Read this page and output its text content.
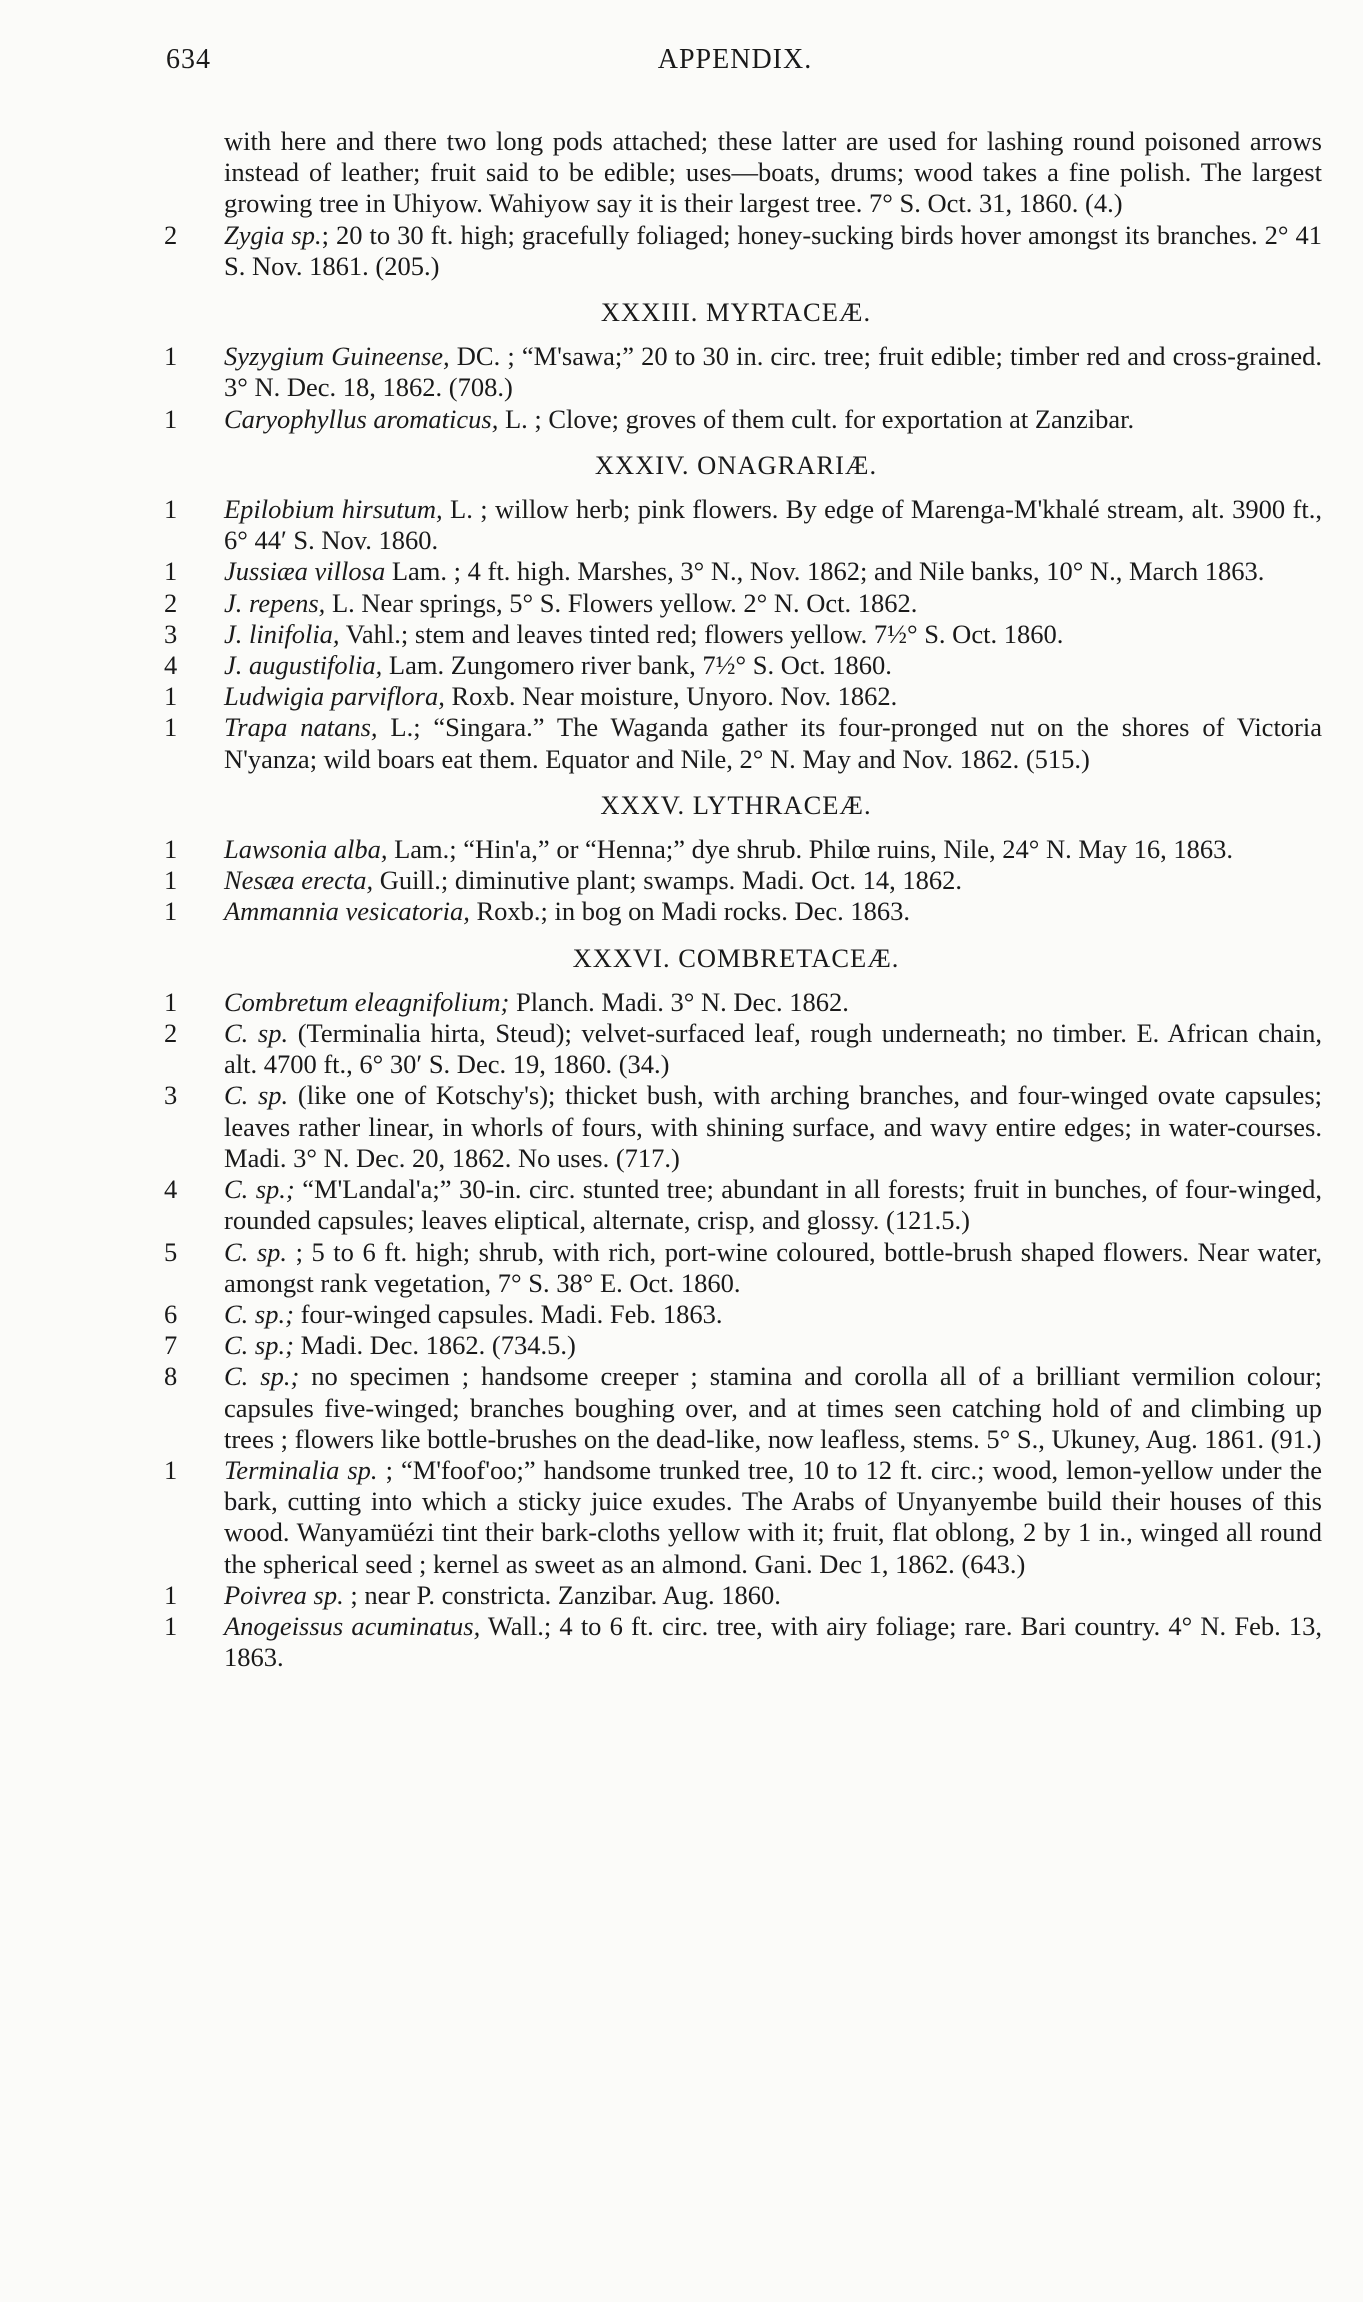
634	APPENDIX.
with here and there two long pods attached; these latter are used for lashing round poisoned arrows instead of leather; fruit said to be edible; uses—boats, drums; wood takes a fine polish. The largest growing tree in Uhiyow. Wahiyow say it is their largest tree. 7° S. Oct. 31, 1860. (4.)
2	Zygia sp.; 20 to 30 ft. high; gracefully foliaged; honey-sucking birds hover amongst its branches. 2° 41 S. Nov. 1861. (205.)
XXXIII. MYRTACEÆ.
1	Syzygium Guineense, DC. ; “M'sawa;” 20 to 30 in. circ. tree; fruit edible; timber red and cross-grained. 3° N. Dec. 18, 1862. (708.)
1	Caryophyllus aromaticus, L. ; Clove; groves of them cult. for exportation at Zanzibar.
XXXIV. ONAGRARIÆ.
1	Epilobium hirsutum, L. ; willow herb; pink flowers. By edge of Marenga-M'khalé stream, alt. 3900 ft., 6° 44′ S. Nov. 1860.
1	Jussiæa villosa Lam. ; 4 ft. high. Marshes, 3° N., Nov. 1862; and Nile banks, 10° N., March 1863.
2	J. repens, L. Near springs, 5° S. Flowers yellow. 2° N. Oct. 1862.
3	J. linifolia, Vahl.; stem and leaves tinted red; flowers yellow. 7½° S. Oct. 1860.
4	J. augustifolia, Lam. Zungomero river bank, 7½° S. Oct. 1860.
1	Ludwigia parviflora, Roxb. Near moisture, Unyoro. Nov. 1862.
1	Trapa natans, L.; “Singara.” The Waganda gather its four-pronged nut on the shores of Victoria N'yanza; wild boars eat them. Equator and Nile, 2° N. May and Nov. 1862. (515.)
XXXV. LYTHRACEÆ.
1	Lawsonia alba, Lam.; “Hin'a,” or “Henna;” dye shrub. Philœ ruins, Nile, 24° N. May 16, 1863.
1	Nesæa erecta, Guill.; diminutive plant; swamps. Madi. Oct. 14, 1862.
1	Ammannia vesicatoria, Roxb.; in bog on Madi rocks. Dec. 1863.
XXXVI. COMBRETACEÆ.
1	Combretum eleagnifolium; Planch. Madi. 3° N. Dec. 1862.
2	C. sp. (Terminalia hirta, Steud); velvet-surfaced leaf, rough underneath; no timber. E. African chain, alt. 4700 ft., 6° 30′ S. Dec. 19, 1860. (34.)
3	C. sp. (like one of Kotschy's); thicket bush, with arching branches, and four-winged ovate capsules; leaves rather linear, in whorls of fours, with shining surface, and wavy entire edges; in water-courses. Madi. 3° N. Dec. 20, 1862. No uses. (717.)
4	C. sp.; “M'Landal'a;” 30-in. circ. stunted tree; abundant in all forests; fruit in bunches, of four-winged, rounded capsules; leaves eliptical, alternate, crisp, and glossy. (121.5.)
5	C. sp. ; 5 to 6 ft. high; shrub, with rich, port-wine coloured, bottle-brush shaped flowers. Near water, amongst rank vegetation, 7° S. 38° E. Oct. 1860.
6	C. sp.; four-winged capsules. Madi. Feb. 1863.
7	C. sp.; Madi. Dec. 1862. (734.5.)
8	C. sp.; no specimen ; handsome creeper ; stamina and corolla all of a brilliant vermilion colour; capsules five-winged; branches boughing over, and at times seen catching hold of and climbing up trees ; flowers like bottle-brushes on the dead-like, now leafless, stems. 5° S., Ukuney, Aug. 1861. (91.)
1	Terminalia sp. ; “M'foof'oo;” handsome trunked tree, 10 to 12 ft. circ.; wood, lemon-yellow under the bark, cutting into which a sticky juice exudes. The Arabs of Unyanyembe build their houses of this wood. Wanyamüézi tint their bark-cloths yellow with it; fruit, flat oblong, 2 by 1 in., winged all round the spherical seed ; kernel as sweet as an almond. Gani. Dec 1, 1862. (643.)
1	Poivrea sp. ; near P. constricta. Zanzibar. Aug. 1860.
1	Anogeissus acuminatus, Wall.; 4 to 6 ft. circ. tree, with airy foliage; rare. Bari country. 4° N. Feb. 13, 1863.
